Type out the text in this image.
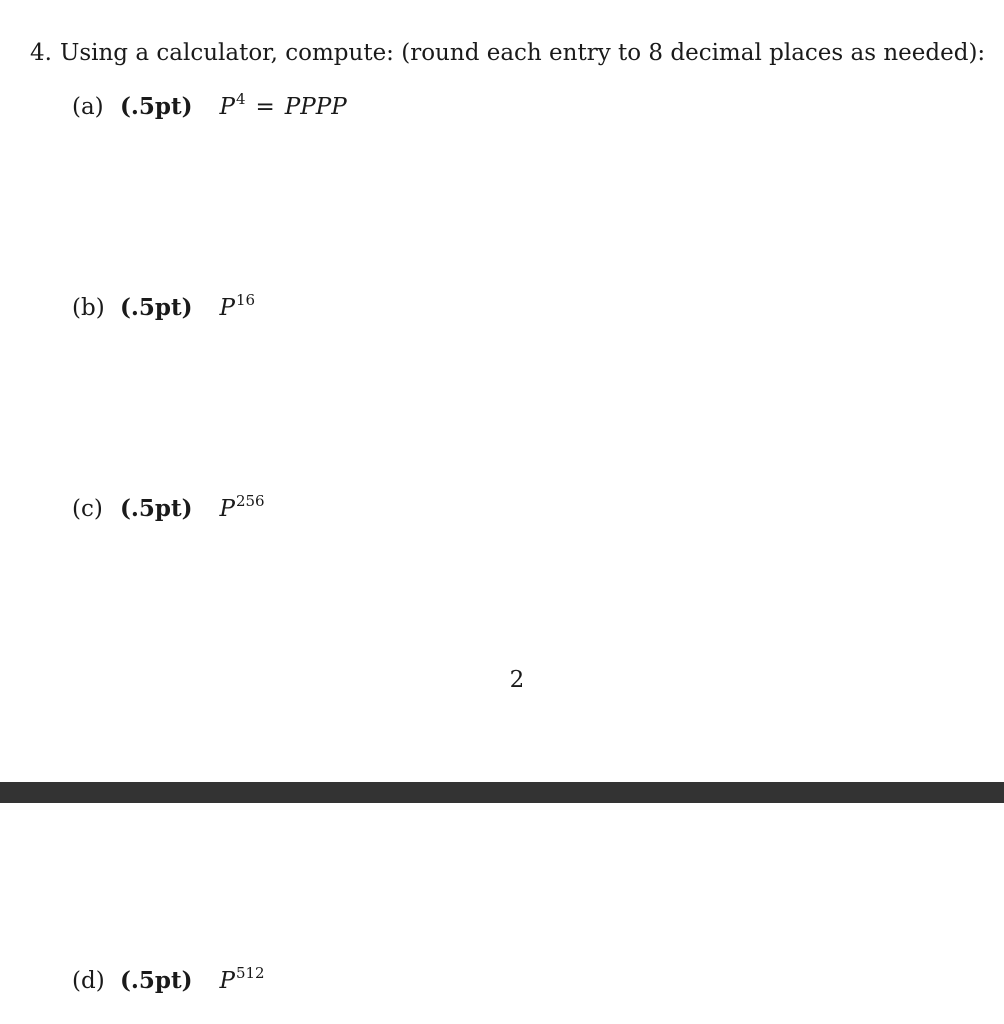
4. Using a calculator, compute: (round each entry to 8 decimal places as needed):
(a) (.5pt) $P^4$ = PPPP
(b) (.5pt) $P^{16}$
(c) (.5pt) $P^{256}$
2
(d) (.5pt) $P^{512}$
